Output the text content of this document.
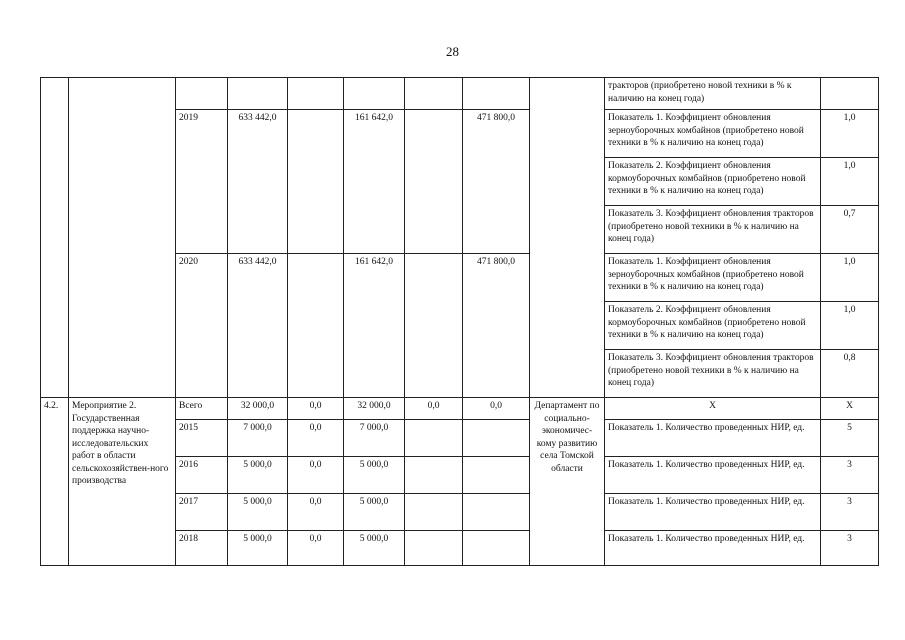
28
									тракторов (приобретено новой техники в % к наличию на конец года)	
		2019	633 442,0		161 642,0		471 800,0		Показатель 1. Коэффициент обновления зерноуборочных комбайнов (приобретено новой техники в % к наличию на конец года)	1,0
									Показатель 2. Коэффициент обновления кормоуборочных комбайнов (приобретено новой техники в % к наличию на конец года)	1,0
									Показатель 3. Коэффициент обновления тракторов (приобретено новой техники в % к наличию на конец года)	0,7
		2020	633 442,0		161 642,0		471 800,0		Показатель 1. Коэффициент обновления зерноуборочных комбайнов (приобретено новой техники в % к наличию на конец года)	1,0
									Показатель 2. Коэффициент обновления кормоуборочных комбайнов (приобретено новой техники в % к наличию на конец года)	1,0
									Показатель 3. Коэффициент обновления тракторов (приобретено новой техники в % к наличию на конец года)	0,8
4.2.	Мероприятие 2. Государственная поддержка научно-исследовательских работ в области сельскохозяйствен-ного производства	Всего	32 000,0	0,0	32 000,0	0,0	0,0	Департамент по социально-экономичес-кому развитию села Томской области	Х	Х
		2015	7 000,0	0,0	7 000,0				Показатель 1. Количество проведенных НИР, ед.	5
		2016	5 000,0	0,0	5 000,0				Показатель 1. Количество проведенных НИР, ед.	3
		2017	5 000,0	0,0	5 000,0				Показатель 1. Количество проведенных НИР, ед.	3
		2018	5 000,0	0,0	5 000,0				Показатель 1. Количество проведенных НИР, ед.	3
